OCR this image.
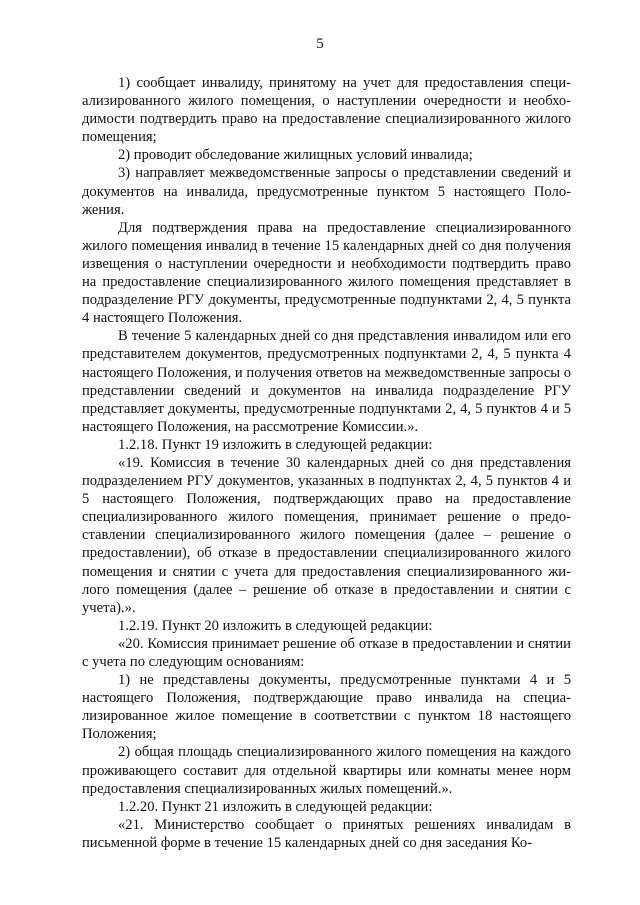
5

1) сообщает инвалиду, принятому на учет для предоставления специализированного жилого помещения, о наступлении очередности и необходимости подтвердить право на предоставление специализированного жилого помещения;

2) проводит обследование жилищных условий инвалида;

3) направляет межведомственные запросы о представлении сведений и документов на инвалида, предусмотренные пунктом 5 настоящего Положения.

Для подтверждения права на предоставление специализированного жилого помещения инвалид в течение 15 календарных дней со дня получения извещения о наступлении очередности и необходимости подтвердить право на предоставление специализированного жилого помещения представляет в подразделение РГУ документы, предусмотренные подпунктами 2, 4, 5 пункта 4 настоящего Положения.

В течение 5 календарных дней со дня представления инвалидом или его представителем документов, предусмотренных подпунктами 2, 4, 5 пункта 4 настоящего Положения, и получения ответов на межведомственные запросы о представлении сведений и документов на инвалида подразделение РГУ представляет документы, предусмотренные подпунктами 2, 4, 5 пунктов 4 и 5 настоящего Положения, на рассмотрение Комиссии.».

1.2.18. Пункт 19 изложить в следующей редакции:

«19. Комиссия в течение 30 календарных дней со дня представления подразделением РГУ документов, указанных в подпунктах 2, 4, 5 пунктов 4 и 5 настоящего Положения, подтверждающих право на предоставление специализированного жилого помещения, принимает решение о предоставлении специализированного жилого помещения (далее – решение о предоставлении), об отказе в предоставлении специализированного жилого помещения и снятии с учета для предоставления специализированного жилого помещения (далее – решение об отказе в предоставлении и снятии с учета).».

1.2.19. Пункт 20 изложить в следующей редакции:

«20. Комиссия принимает решение об отказе в предоставлении и снятии с учета по следующим основаниям:

1) не представлены документы, предусмотренные пунктами 4 и 5 настоящего Положения, подтверждающие право инвалида на специализированное жилое помещение в соответствии с пунктом 18 настоящего Положения;

2) общая площадь специализированного жилого помещения на каждого проживающего составит для отдельной квартиры или комнаты менее норм предоставления специализированных жилых помещений.».

1.2.20. Пункт 21 изложить в следующей редакции:

«21. Министерство сообщает о принятых решениях инвалидам в письменной форме в течение 15 календарных дней со дня заседания Ко-
